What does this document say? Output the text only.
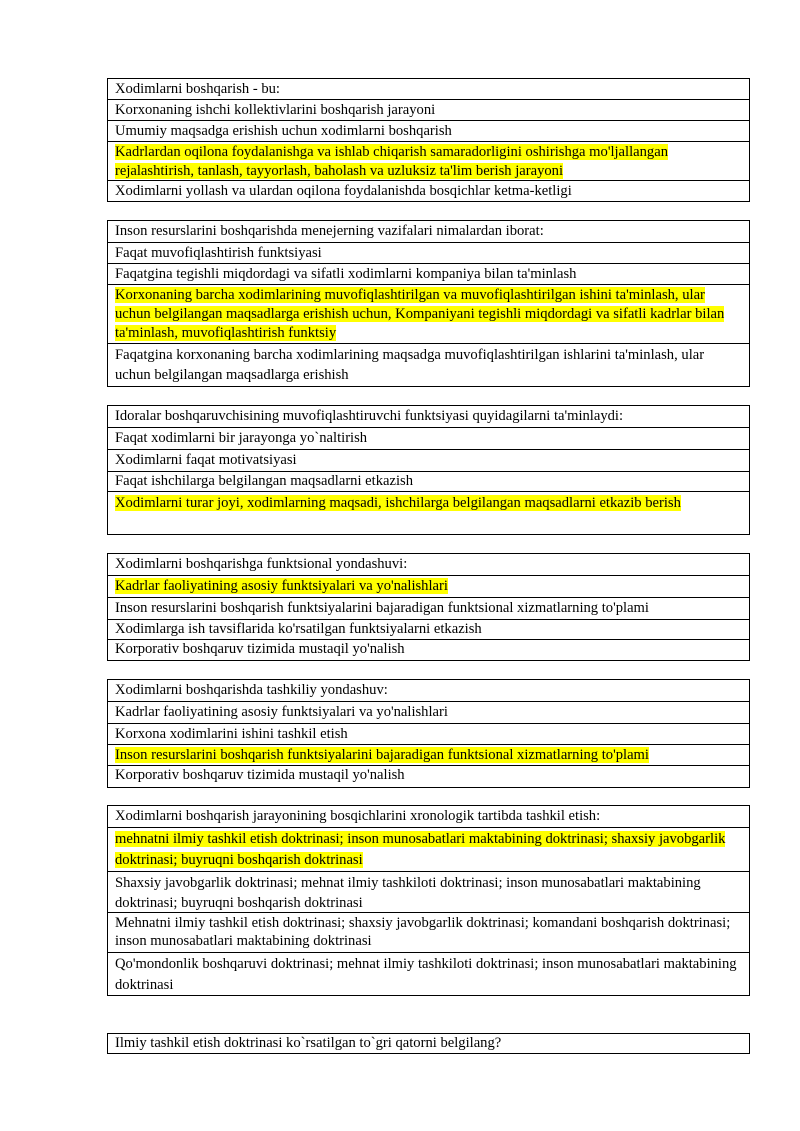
Xodimlarni boshqarish - bu:
Korxonaning ishchi kollektivlarini boshqarish jarayoni
Umumiy maqsadga erishish uchun xodimlarni boshqarish
Kadrlardan oqilona foydalanishga va ishlab chiqarish samaradorligini oshirishga mo'ljallangan rejalashtirish, tanlash, tayyorlash, baholash va uzluksiz ta'lim berish jarayoni
Xodimlarni yollash va ulardan oqilona foydalanishda bosqichlar ketma-ketligi
Inson resurslarini boshqarishda menejerning vazifalari nimalardan iborat:
Faqat muvofiqlashtirish funktsiyasi
Faqatgina tegishli miqdordagi va sifatli xodimlarni kompaniya bilan ta'minlash
Korxonaning barcha xodimlarining muvofiqlashtirilgan va muvofiqlashtirilgan ishini ta'minlash, ular uchun belgilangan maqsadlarga erishish uchun, Kompaniyani tegishli miqdordagi va sifatli kadrlar bilan ta'minlash, muvofiqlashtirish funktsiy
Faqatgina korxonaning barcha xodimlarining maqsadga muvofiqlashtirilgan ishlarini ta'minlash, ular uchun belgilangan maqsadlarga erishish
Idoralar boshqaruvchisining muvofiqlashtiruvchi funktsiyasi quyidagilarni ta'minlaydi:
Faqat xodimlarni bir jarayonga yo`naltirish
Xodimlarni faqat motivatsiyasi
Faqat ishchilarga belgilangan maqsadlarni etkazish
Xodimlarni turar joyi, xodimlarning maqsadi, ishchilarga belgilangan maqsadlarni etkazib berish
Xodimlarni boshqarishga funktsional yondashuvi:
Kadrlar faoliyatining asosiy funktsiyalari va yo'nalishlari
Inson resurslarini boshqarish funktsiyalarini bajaradigan funktsional xizmatlarning to'plami
Xodimlarga ish tavsiflarida ko'rsatilgan funktsiyalarni etkazish
Korporativ boshqaruv tizimida mustaqil yo'nalish
Xodimlarni boshqarishda tashkiliy yondashuv:
Kadrlar faoliyatining asosiy funktsiyalari va yo'nalishlari
Korxona xodimlarini ishini tashkil etish
Inson resurslarini boshqarish funktsiyalarini bajaradigan funktsional xizmatlarning to'plami
Korporativ boshqaruv tizimida mustaqil yo'nalish
Xodimlarni boshqarish jarayonining bosqichlarini xronologik tartibda tashkil etish:
mehnatni ilmiy tashkil etish doktrinasi; inson munosabatlari maktabining doktrinasi; shaxsiy javobgarlik doktrinasi; buyruqni boshqarish doktrinasi
Shaxsiy javobgarlik doktrinasi; mehnat ilmiy tashkiloti doktrinasi; inson munosabatlari maktabining doktrinasi; buyruqni boshqarish doktrinasi
Mehnatni ilmiy tashkil etish doktrinasi; shaxsiy javobgarlik doktrinasi; komandani boshqarish doktrinasi; inson munosabatlari maktabining doktrinasi
Qo'mondonlik boshqaruvi doktrinasi; mehnat ilmiy tashkiloti doktrinasi; inson munosabatlari maktabining doktrinasi
Ilmiy tashkil etish doktrinasi ko`rsatilgan to`gri qatorni belgilang?
